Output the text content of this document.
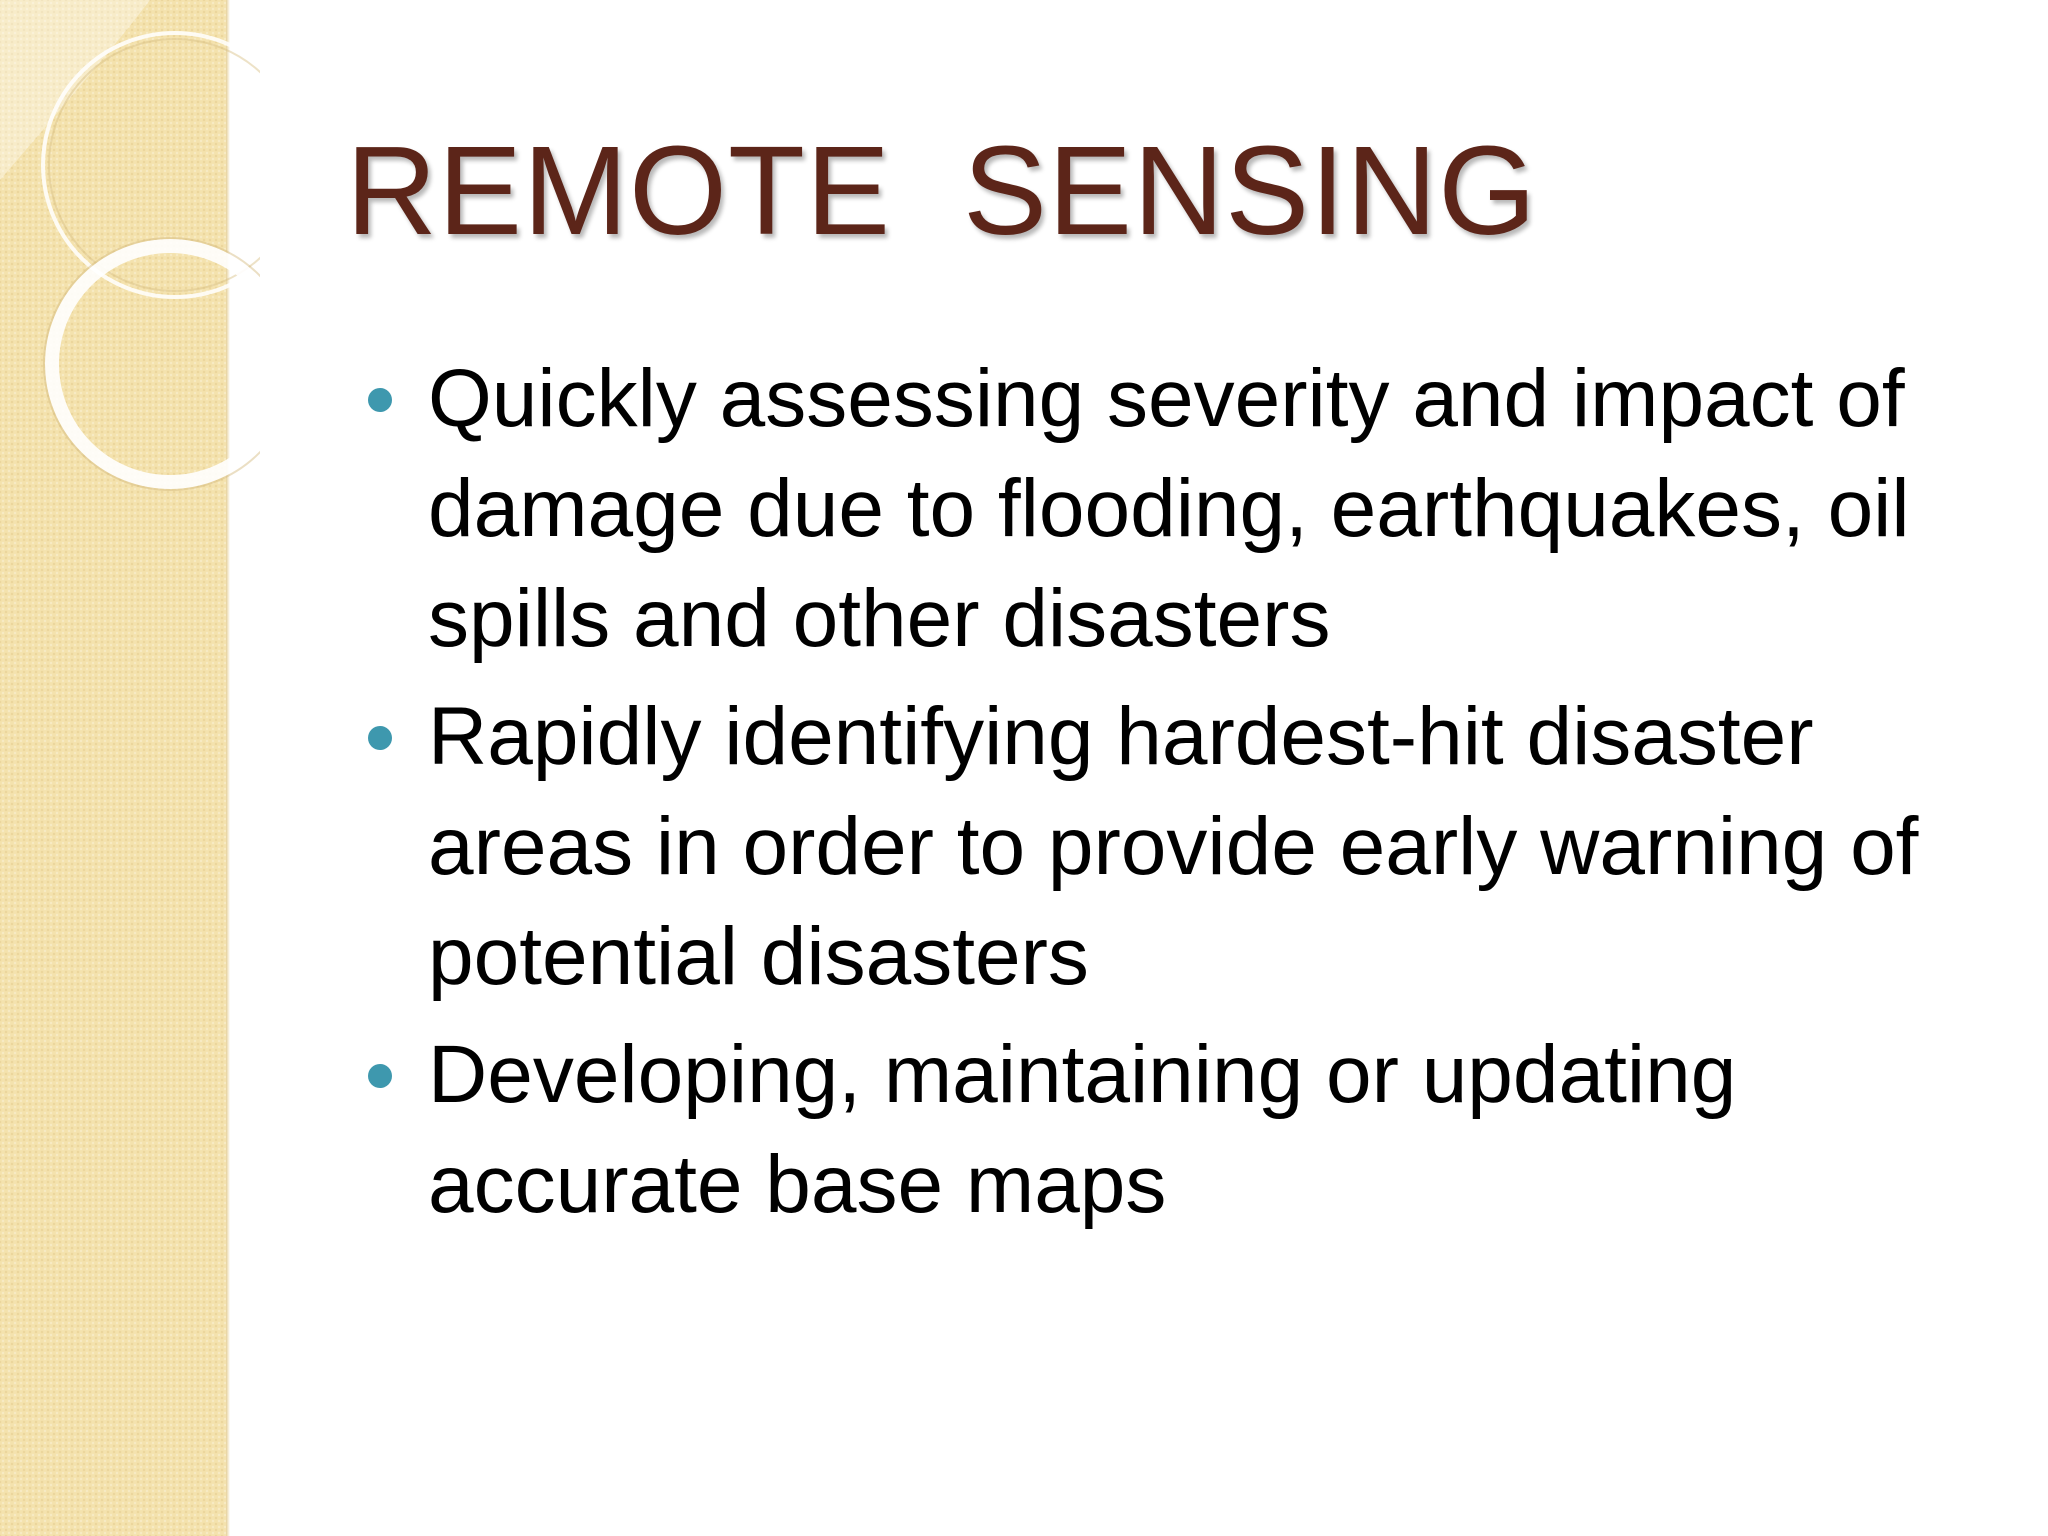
REMOTE  SENSING
Quickly assessing severity and impact of damage due to flooding, earthquakes, oil spills and other disasters
Rapidly identifying hardest-hit disaster areas in order to provide early warning of potential disasters
Developing, maintaining or updating accurate base maps
